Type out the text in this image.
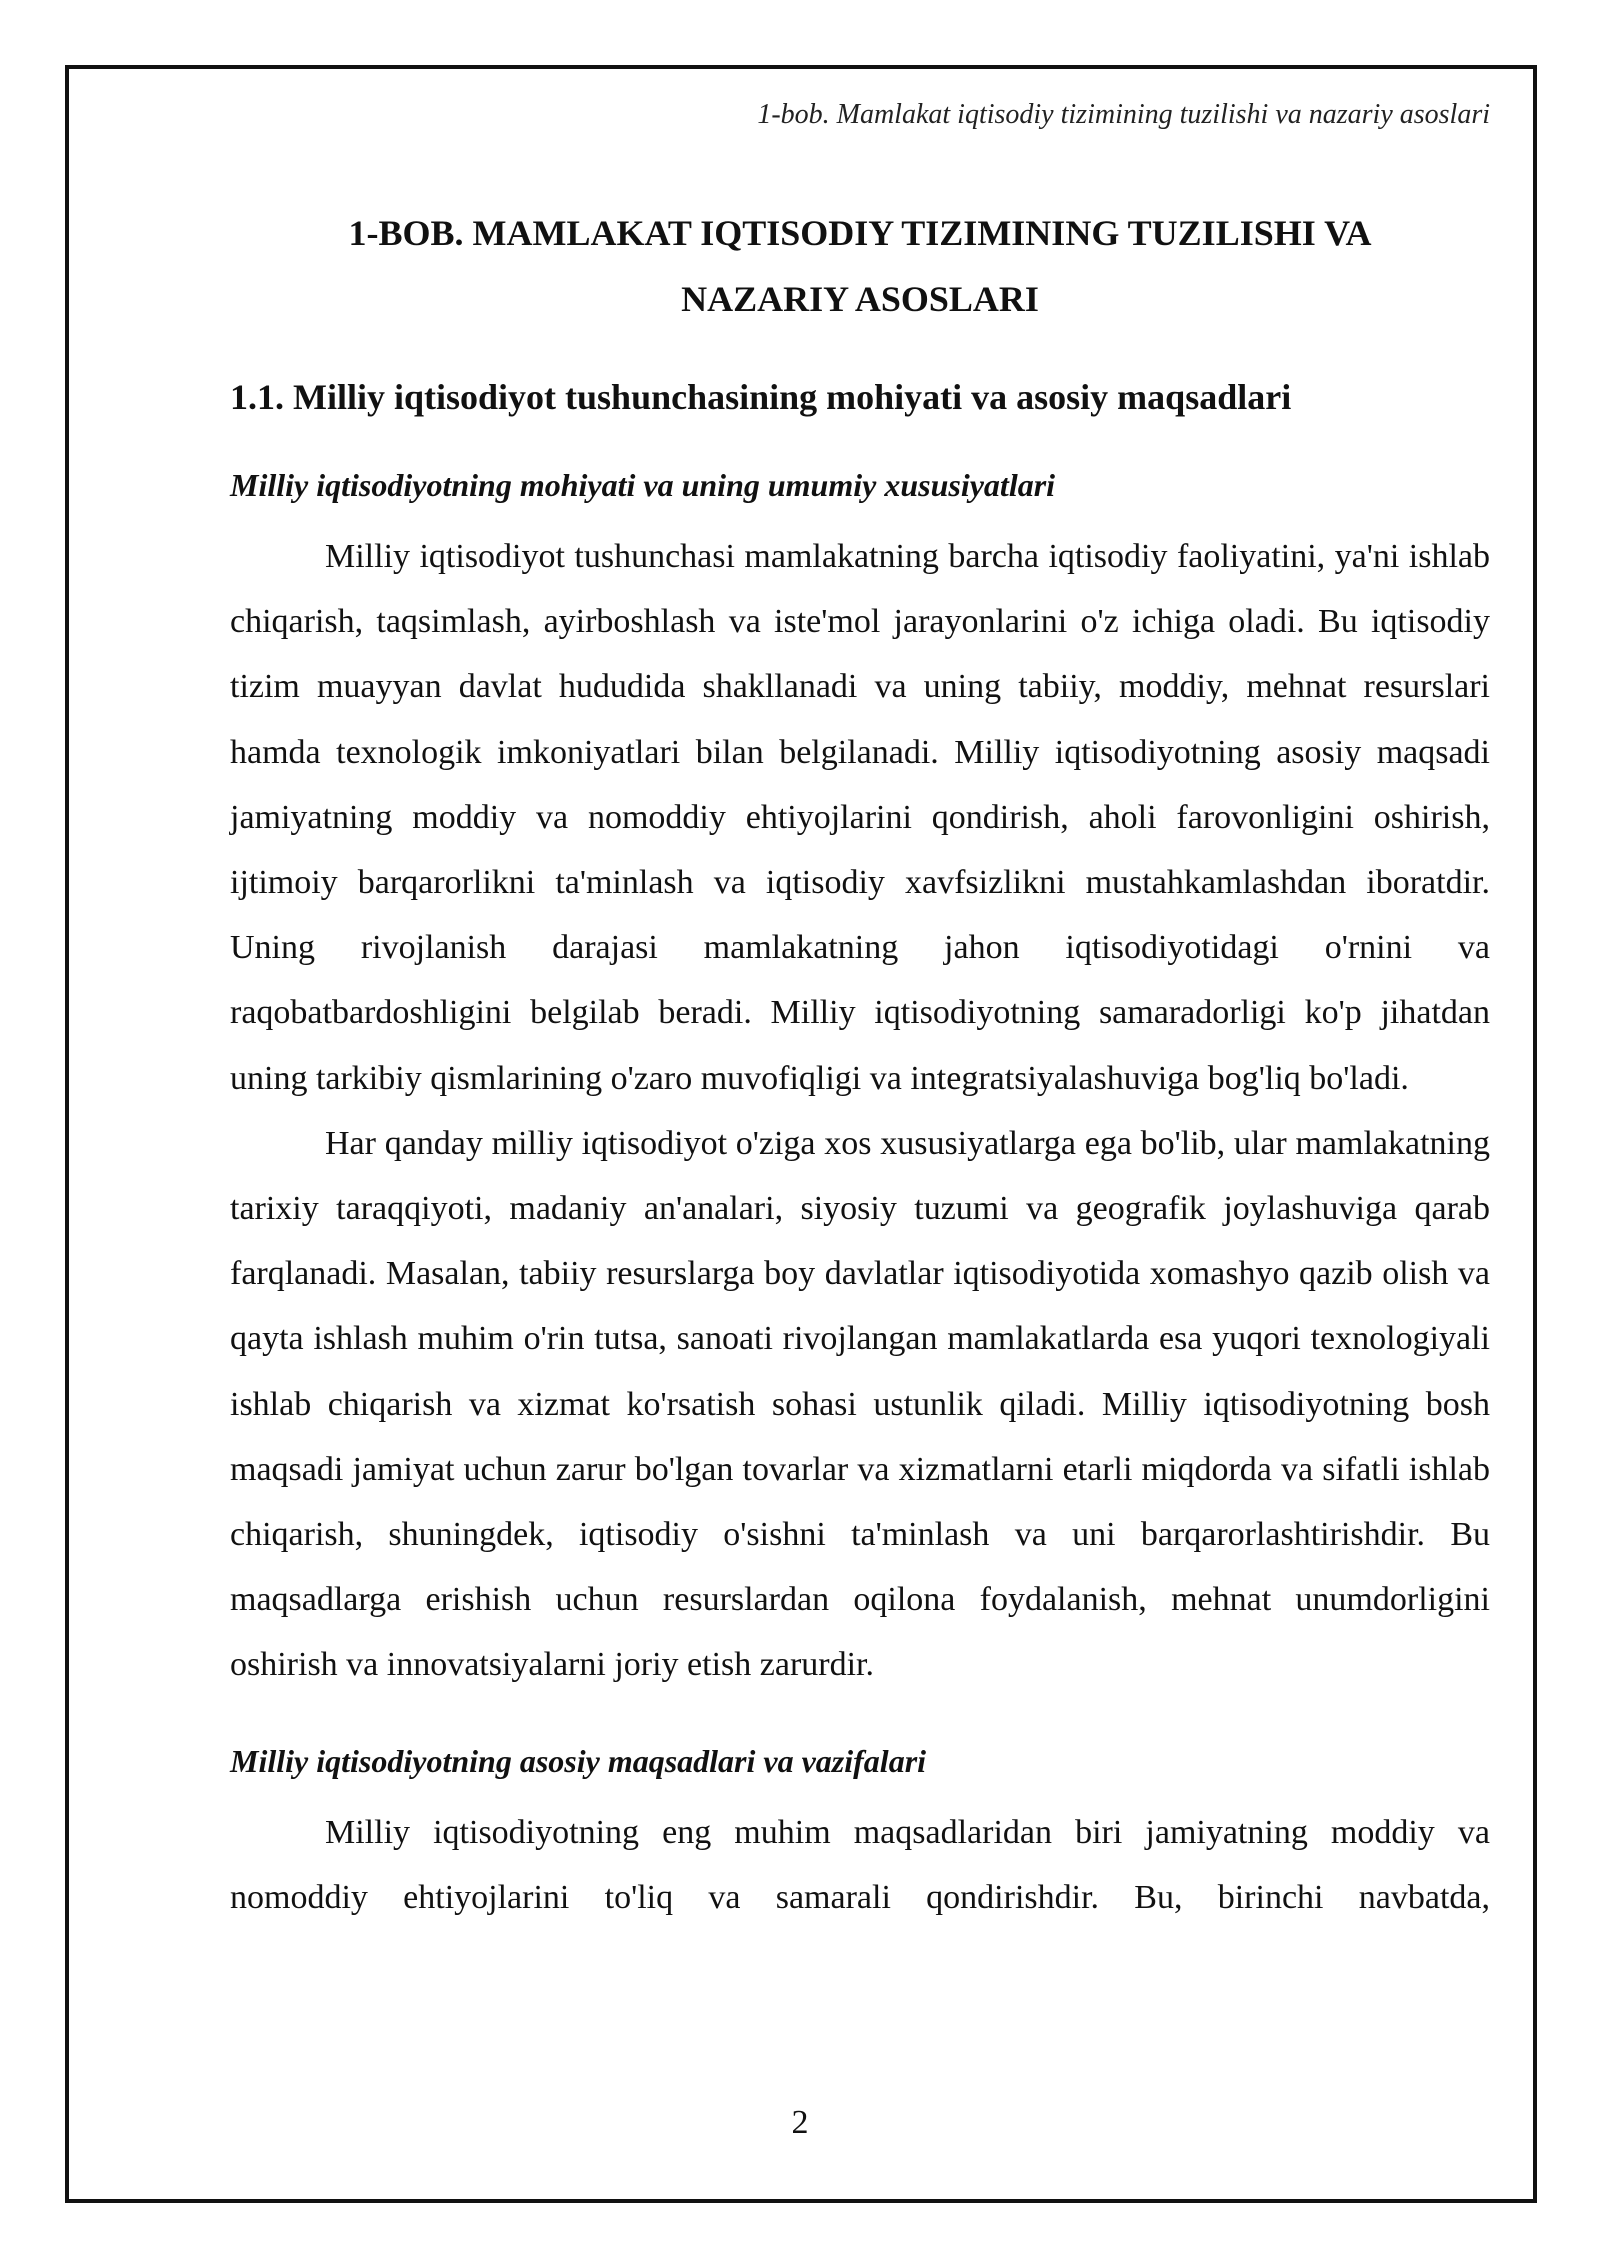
1-bob. Mamlakat iqtisodiy tizimining tuzilishi va nazariy asoslari
1-BOB. MAMLAKAT IQTISODIY TIZIMINING TUZILISHI VA NAZARIY ASOSLARI
1.1. Milliy iqtisodiyot tushunchasining mohiyati va asosiy maqsadlari
Milliy iqtisodiyotning mohiyati va uning umumiy xususiyatlari

Milliy iqtisodiyot tushunchasi mamlakatning barcha iqtisodiy faoliyatini, ya'ni ishlab chiqarish, taqsimlash, ayirboshlash va iste'mol jarayonlarini o'z ichiga oladi. Bu iqtisodiy tizim muayyan davlat hududida shakllanadi va uning tabiiy, moddiy, mehnat resurslari hamda texnologik imkoniyatlari bilan belgilanadi. Milliy iqtisodiyotning asosiy maqsadi jamiyatning moddiy va nomoddiy ehtiyojlarini qondirish, aholi farovonligini oshirish, ijtimoiy barqarorlikni ta'minlash va iqtisodiy xavfsizlikni mustahkamlashdan iboratdir. Uning rivojlanish darajasi mamlakatning jahon iqtisodiyotidagi o'rnini va raqobatbardoshligini belgilab beradi. Milliy iqtisodiyotning samaradorligi ko'p jihatdan uning tarkibiy qismlarining o'zaro muvofiqligi va integratsiyalashuviga bog'liq bo'ladi.

Har qanday milliy iqtisodiyot o'ziga xos xususiyatlarga ega bo'lib, ular mamlakatning tarixiy taraqqiyoti, madaniy an'analari, siyosiy tuzumi va geografik joylashuviga qarab farqlanadi. Masalan, tabiiy resurslarga boy davlatlar iqtisodiyotida xomashyo qazib olish va qayta ishlash muhim o'rin tutsa, sanoati rivojlangan mamlakatlarda esa yuqori texnologiyali ishlab chiqarish va xizmat ko'rsatish sohasi ustunlik qiladi. Milliy iqtisodiyotning bosh maqsadi jamiyat uchun zarur bo'lgan tovarlar va xizmatlarni etarli miqdorda va sifatli ishlab chiqarish, shuningdek, iqtisodiy o'sishni ta'minlash va uni barqarorlashtirishdir. Bu maqsadlarga erishish uchun resurslardan oqilona foydalanish, mehnat unumdorligini oshirish va innovatsiyalarni joriy etish zarurdir.

Milliy iqtisodiyotning asosiy maqsadlari va vazifalari

Milliy iqtisodiyotning eng muhim maqsadlaridan biri jamiyatning moddiy va nomoddiy ehtiyojlarini to'liq va samarali qondirishdir. Bu, birinchi navbatda,

2
